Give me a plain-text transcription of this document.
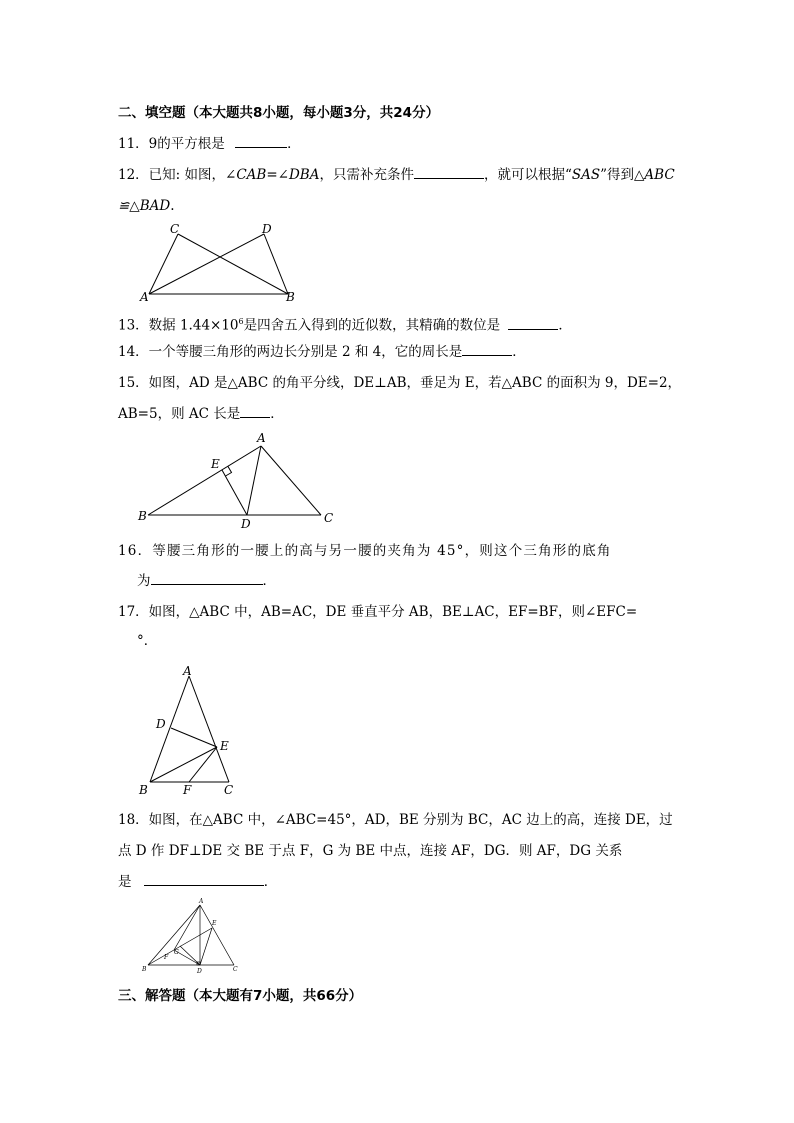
二、填空题（本大题共8小题，每小题3分，共24分）
11．9的平方根是	．
12．已知: 如图，∠CAB=∠DBA，只需补充条件	，就可以根据“SAS”得到△ABC
≌△BAD.
C	D
A	B
13．数据 $1.44\times 10^6$是四舍五入得到的近似数，其精确的数位是	．
14．一个等腰三角形的两边长分别是 2 和 4，它的周长是	．
15．如图，AD 是△ABC 的角平分线，DE⊥AB，垂足为 E，若△ABC 的面积为 9，DE=2，
AB=5，则 AC 长是 ．
A
E
B
D	C
16．等腰三角形的一腰上的高与另一腰的夹角为 45°，则这个三角形的底角
为	．
17．如图，△ABC 中，AB=AC，DE 垂直平分 AB，BE⊥AC，EF=BF，则∠EFC=
°．
A
D
E
B	F	C
18．如图，在△ABC 中，∠ABC=45°，AD，BE 分别为 BC，AC 边上的高，连接 DE，过
点 D 作 DF⊥DE 交 BE 于点 F，G 为 BE 中点，连接 AF，DG．则 AF，DG 关系
是	．
A
E
G
F
B	D	C
三、解答题（本大题有7小题，共66分）
